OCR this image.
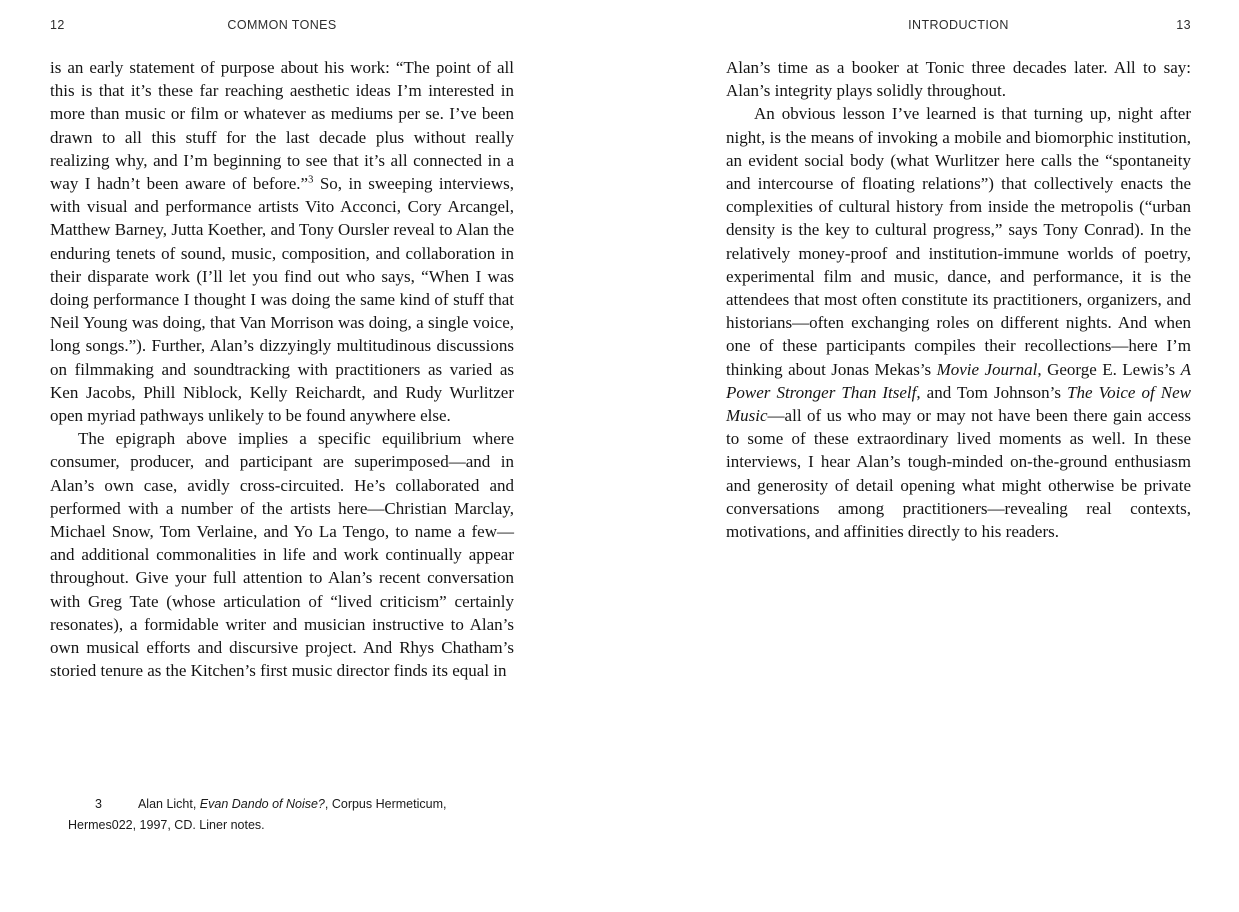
12	COMMON TONES

is an early statement of purpose about his work: “The point of all this is that it’s these far reaching aesthetic ideas I’m interested in more than music or film or whatever as mediums per se. I’ve been drawn to all this stuff for the last decade plus without really realizing why, and I’m beginning to see that it’s all connected in a way I hadn’t been aware of before.”$^3$ So, in sweeping interviews, with visual and performance artists Vito Acconci, Cory Arcangel, Matthew Barney, Jutta Koether, and Tony Oursler reveal to Alan the enduring tenets of sound, music, composition, and collaboration in their disparate work (I’ll let you find out who says, “When I was doing performance I thought I was doing the same kind of stuff that Neil Young was doing, that Van Morrison was doing, a single voice, long songs.”). Further, Alan’s dizzyingly multitudinous discussions on filmmaking and soundtracking with practitioners as varied as Ken Jacobs, Phill Niblock, Kelly Reichardt, and Rudy Wurlitzer open myriad pathways unlikely to be found anywhere else.

The epigraph above implies a specific equilibrium where consumer, producer, and participant are superimposed—and in Alan’s own case, avidly cross-circuited. He’s collaborated and performed with a number of the artists here—Christian Marclay, Michael Snow, Tom Verlaine, and Yo La Tengo, to name a few—and additional commonalities in life and work continually appear throughout. Give your full attention to Alan’s recent conversation with Greg Tate (whose articulation of “lived criticism” certainly resonates), a formidable writer and musician instructive to Alan’s own musical efforts and discursive project. And Rhys Chatham’s storied tenure as the Kitchen’s first music director finds its equal in

3	Alan Licht, Evan Dando of Noise?, Corpus Hermeticum, Hermes022, 1997, CD. Liner notes.
INTRODUCTION	13

Alan’s time as a booker at Tonic three decades later. All to say: Alan’s integrity plays solidly throughout.

An obvious lesson I’ve learned is that turning up, night after night, is the means of invoking a mobile and biomorphic institution, an evident social body (what Wurlitzer here calls the “spontaneity and intercourse of floating relations”) that collectively enacts the complexities of cultural history from inside the metropolis (“urban density is the key to cultural progress,” says Tony Conrad). In the relatively money-proof and institution-immune worlds of poetry, experimental film and music, dance, and performance, it is the attendees that most often constitute its practitioners, organizers, and historians—often exchanging roles on different nights. And when one of these participants compiles their recollections—here I’m thinking about Jonas Mekas’s Movie Journal, George E. Lewis’s A Power Stronger Than Itself, and Tom Johnson’s The Voice of New Music—all of us who may or may not have been there gain access to some of these extraordinary lived moments as well. In these interviews, I hear Alan’s tough-minded on-the-ground enthusiasm and generosity of detail opening what might otherwise be private conversations among practitioners—revealing real contexts, motivations, and affinities directly to his readers.
